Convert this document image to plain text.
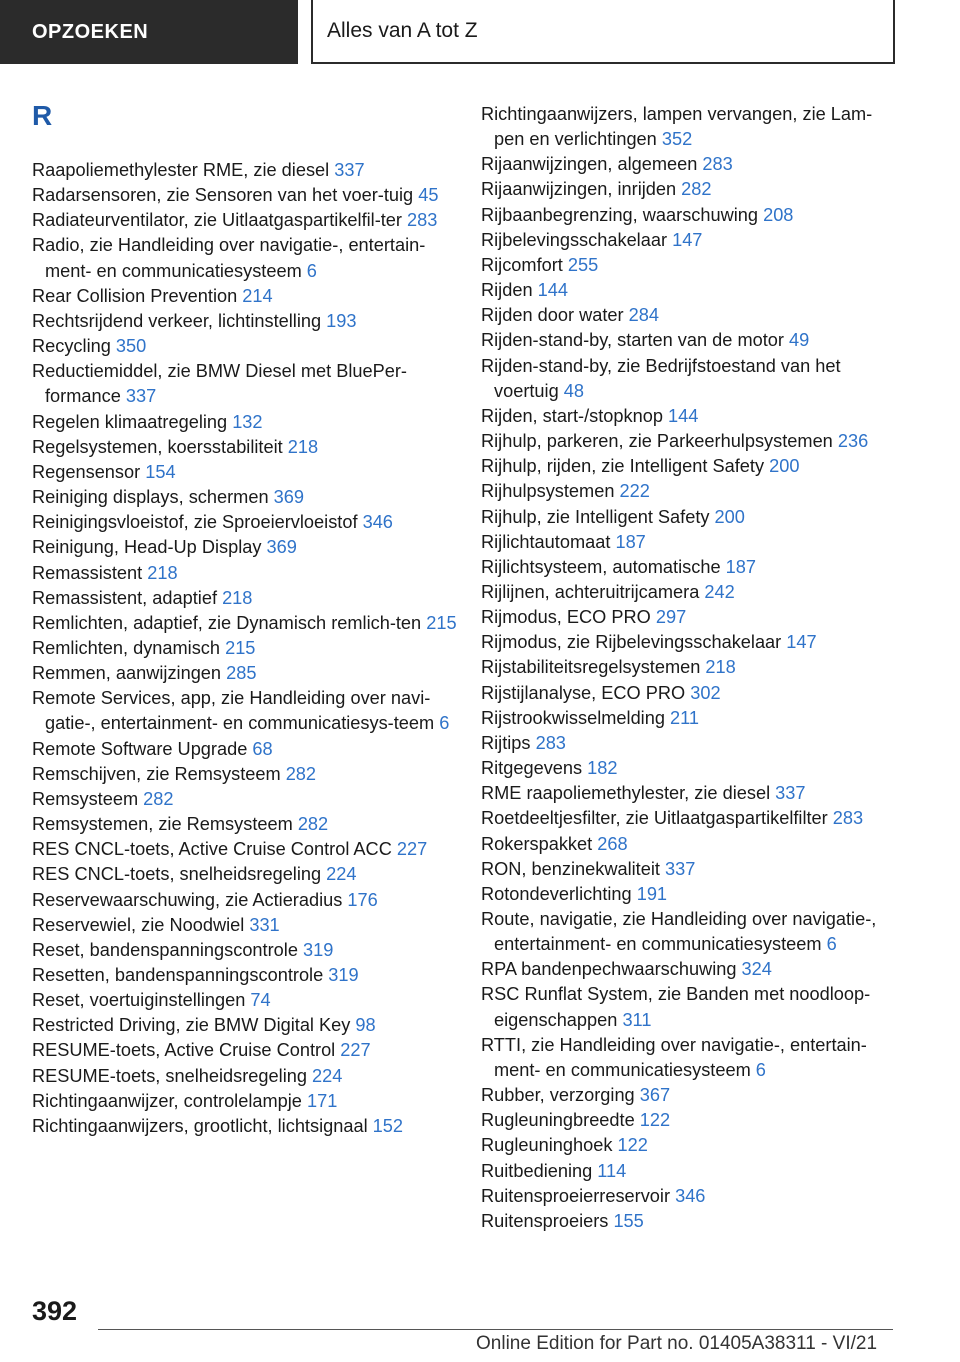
OPZOEKEN	Alles van A tot Z
R
Raapoliemethylester RME, zie diesel 337
Radarsensoren, zie Sensoren van het voer-tuig 45
Radiateurventilator, zie Uitlaatgaspartikelfil-ter 283
Radio, zie Handleiding over navigatie-, entertain-ment- en communicatiesysteem 6
Rear Collision Prevention 214
Rechtsrijdend verkeer, lichtinstelling 193
Recycling 350
Reductiemiddel, zie BMW Diesel met BluePer-formance 337
Regelen klimaatregeling 132
Regelsystemen, koersstabiliteit 218
Regensensor 154
Reiniging displays, schermen 369
Reinigingsvloeistof, zie Sproeiervloeistof 346
Reinigung, Head-Up Display 369
Remassistent 218
Remassistent, adaptief 218
Remlichten, adaptief, zie Dynamisch remlich-ten 215
Remlichten, dynamisch 215
Remmen, aanwijzingen 285
Remote Services, app, zie Handleiding over navi-gatie-, entertainment- en communicatiesys-teem 6
Remote Software Upgrade 68
Remschijven, zie Remsysteem 282
Remsysteem 282
Remsystemen, zie Remsysteem 282
RES CNCL-toets, Active Cruise Control ACC 227
RES CNCL-toets, snelheidsregeling 224
Reservewaarschuwing, zie Actieradius 176
Reservewiel, zie Noodwiel 331
Reset, bandenspanningscontrole 319
Resetten, bandenspanningscontrole 319
Reset, voertuiginstellingen 74
Restricted Driving, zie BMW Digital Key 98
RESUME-toets, Active Cruise Control 227
RESUME-toets, snelheidsregeling 224
Richtingaanwijzer, controlelampje 171
Richtingaanwijzers, grootlicht, lichtsignaal 152
Richtingaanwijzers, lampen vervangen, zie Lam-pen en verlichtingen 352
Rijaanwijzingen, algemeen 283
Rijaanwijzingen, inrijden 282
Rijbaanbegrenzing, waarschuwing 208
Rijbelevingsschakelaar 147
Rijcomfort 255
Rijden 144
Rijden door water 284
Rijden-stand-by, starten van de motor 49
Rijden-stand-by, zie Bedrijfstoestand van het voertuig 48
Rijden, start-/stopknop 144
Rijhulp, parkeren, zie Parkeerhulpsystemen 236
Rijhulp, rijden, zie Intelligent Safety 200
Rijhulpsystemen 222
Rijhulp, zie Intelligent Safety 200
Rijlichtautomaat 187
Rijlichtsysteem, automatische 187
Rijlijnen, achteruitrijcamera 242
Rijmodus, ECO PRO 297
Rijmodus, zie Rijbelevingsschakelaar 147
Rijstabiliteitsregelsystemen 218
Rijstijlanalyse, ECO PRO 302
Rijstrookwisselmelding 211
Rijtips 283
Ritgegevens 182
RME raapoliemethylester, zie diesel 337
Roetdeeltjesfilter, zie Uitlaatgaspartikelfilter 283
Rokerspakket 268
RON, benzinekwaliteit 337
Rotondeverlichting 191
Route, navigatie, zie Handleiding over navigatie-, entertainment- en communicatiesysteem 6
RPA bandenpechwaarschuwing 324
RSC Runflat System, zie Banden met noodloop-eigenschappen 311
RTTI, zie Handleiding over navigatie-, entertain-ment- en communicatiesysteem 6
Rubber, verzorging 367
Rugleuningbreedte 122
Rugleuninghoek 122
Ruitbediening 114
Ruitensproeierreservoir 346
Ruitensproeiers 155
392
Online Edition for Part no. 01405A38311 - VI/21
